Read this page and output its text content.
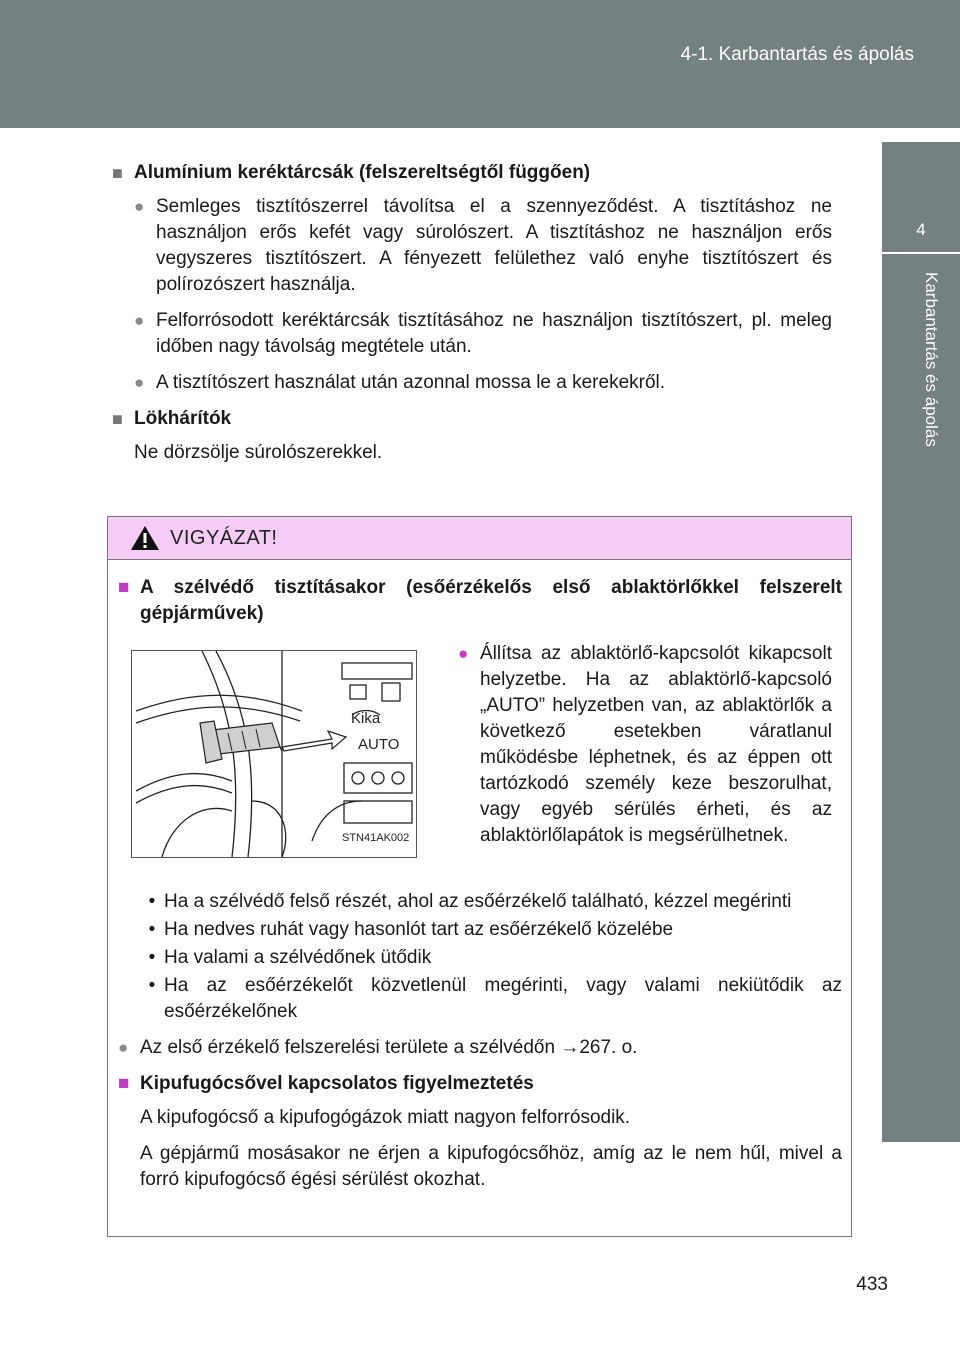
4-1. Karbantartás és ápolás
4
Karbantartás és ápolás
■ Alumínium keréktárcsák (felszereltségtől függően)
● Semleges tisztítószerrel távolítsa el a szennyeződést. A tisztításhoz ne használjon erős kefét vagy súrolószert. A tisztításhoz ne használjon erős vegyszeres tisztítószert. A fényezett felülethez való enyhe tisztítószert és polírozószert használja.
● Felforrósodott keréktárcsák tisztításához ne használjon tisztítószert, pl. meleg időben nagy távolság megtétele után.
● A tisztítószert használat után azonnal mossa le a kerekekről.
■ Lökhárítók
Ne dörzsölje súrolószerekkel.
VIGYÁZAT!
■ A szélvédő tisztításakor (esőérzékelős első ablaktörlőkkel felszerelt gépjárművek)
Kika
AUTO
STN41AK002
● Állítsa az ablaktörlő-kapcsolót kikapcsolt helyzetbe. Ha az ablaktörlő-kapcsoló „AUTO” helyzetben van, az ablaktörlők a következő esetekben váratlanul működésbe léphetnek, és az éppen ott tartózkodó személy keze beszorulhat, vagy egyéb sérülés érheti, és az ablaktörlőlapátok is megsérülhetnek.
• Ha a szélvédő felső részét, ahol az esőérzékelő található, kézzel megérinti
• Ha nedves ruhát vagy hasonlót tart az esőérzékelő közelébe
• Ha valami a szélvédőnek ütődik
• Ha az esőérzékelőt közvetlenül megérinti, vagy valami nekiütődik az esőérzékelőnek
● Az első érzékelő felszerelési területe a szélvédőn →267. o.
■ Kipufugócsővel kapcsolatos figyelmeztetés
A kipufogócső a kipufogógázok miatt nagyon felforrósodik.
A gépjármű mosásakor ne érjen a kipufogócsőhöz, amíg az le nem hűl, mivel a forró kipufogócső égési sérülést okozhat.
433
